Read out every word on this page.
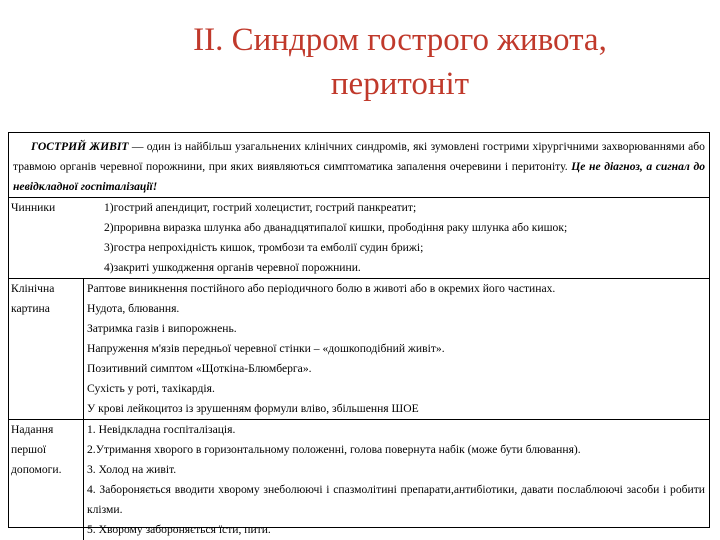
ІІ. Синдром гострого живота,
перитоніт
ГОСТРИЙ ЖИВІТ — один із найбільш узагальнених клінічних синдромів, які зумовлені гострими хірургічними захворюваннями або травмою органів черевної порожнини, при яких виявляються симптоматика запалення очеревини і перитоніту. Це не діагноз, а сигнал до невідкладної госпіталізації!
Чинники	1)гострий апендицит, гострий холецистит, гострий панкреатит;
2)проривна виразка шлунка або дванадцятипалої кишки, прободіння раку шлунка або кишок;
3)гостра непрохідність кишок, тромбози та емболії судин брижі;
4)закриті ушкодження органів черевної порожнини.
Клінічна
картина
Раптове виникнення постійного або періодичного болю в животі або в окремих його частинах.
Нудота, блювання.
Затримка газів і випорожнень.
Напруження м'язів передньої черевної стінки – «дошкоподібний живіт».
Позитивний симптом «Щоткіна-Блюмберга».
Сухість у роті, тахікардія.
У крові лейкоцитоз із зрушенням формули вліво, збільшення ШОЕ
Надання
першої
допомоги.
1. Невідкладна госпіталізація.
2.Утримання хворого в горизонтальному положенні, голова повернута набік (може бути блювання).
3. Холод на живіт.
4. Забороняється вводити хворому знеболюючі і спазмолітині препарати,антибіотики, давати послаблюючі засоби і робити клізми.
5. Хворому забороняється їсти, пити.
